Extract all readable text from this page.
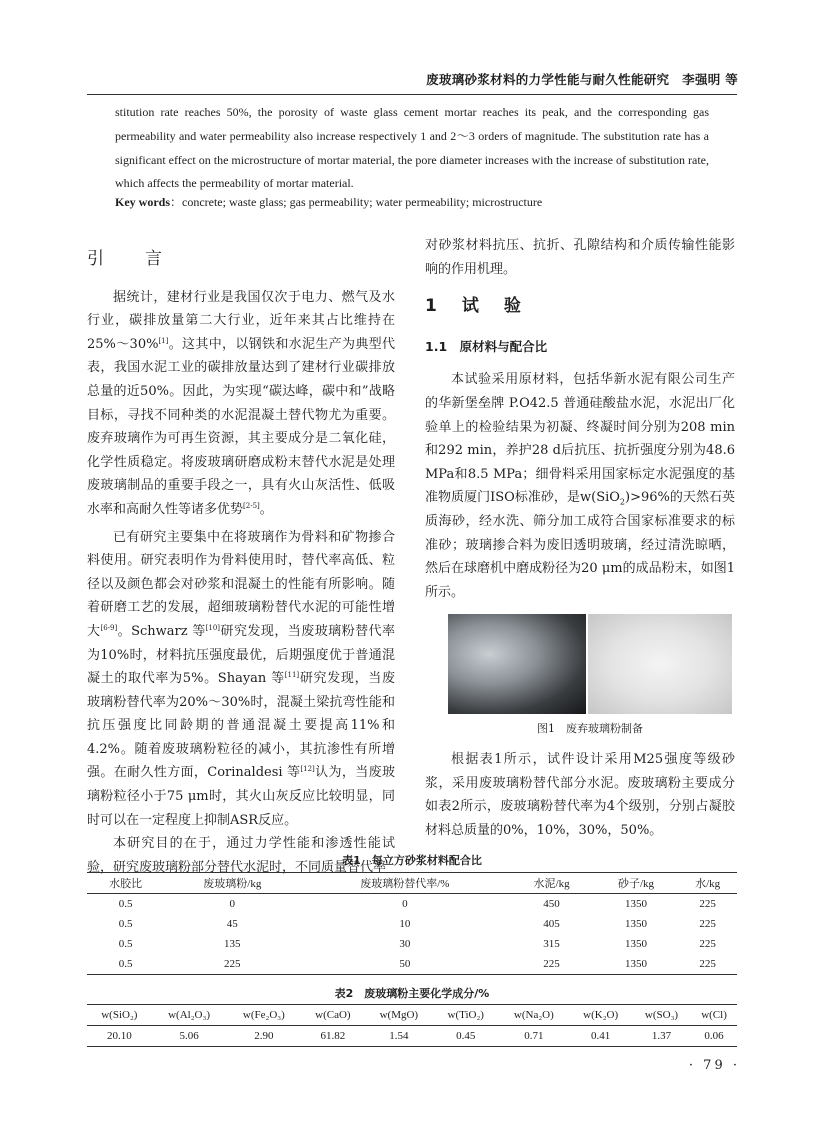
废玻璃砂浆材料的力学性能与耐久性能研究　李强明 等

stitution rate reaches 50%, the porosity of waste glass cement mortar reaches its peak, and the corresponding gas permeability and water permeability also increase respectively 1 and 2～3 orders of magnitude. The substitution rate has a significant effect on the microstructure of mortar material, the pore diameter increases with the increase of substitution rate, which affects the permeability of mortar material.

Key words：concrete; waste glass; gas permeability; water permeability; microstructure

引　言

据统计，建材行业是我国仅次于电力、燃气及水行业，碳排放量第二大行业，近年来其占比维持在25%～30%[1]。这其中，以钢铁和水泥生产为典型代表，我国水泥工业的碳排放量达到了建材行业碳排放总量的近50%。因此，为实现“碳达峰，碳中和”战略目标，寻找不同种类的水泥混凝土替代物尤为重要。废弃玻璃作为可再生资源，其主要成分是二氧化硅，化学性质稳定。将废玻璃研磨成粉末替代水泥是处理废玻璃制品的重要手段之一，具有火山灰活性、低吸水率和高耐久性等诸多优势[2-5]。

已有研究主要集中在将玻璃作为骨料和矿物掺合料使用。研究表明作为骨料使用时，替代率高低、粒径以及颜色都会对砂浆和混凝土的性能有所影响。随着研磨工艺的发展，超细玻璃粉替代水泥的可能性增大[6-9]。Schwarz 等[10]研究发现，当废玻璃粉替代率为10%时，材料抗压强度最优，后期强度优于普通混凝土的取代率为5%。Shayan 等[11]研究发现，当废玻璃粉替代率为20%～30%时，混凝土梁抗弯性能和抗压强度比同龄期的普通混凝土要提高11%和4.2%。随着废玻璃粉粒径的减小，其抗渗性有所增强。在耐久性方面，Corinaldesi 等[12]认为，当废玻璃粉粒径小于75 μm时，其火山灰反应比较明显，同时可以在一定程度上抑制ASR反应。

本研究目的在于，通过力学性能和渗透性能试验，研究废玻璃粉部分替代水泥时，不同质量替代率

对砂浆材料抗压、抗折、孔隙结构和介质传输性能影响的作用机理。

1　试　验
1.1　原材料与配合比

本试验采用原材料，包括华新水泥有限公司生产的华新堡垒牌 P.O42.5 普通硅酸盐水泥，水泥出厂化验单上的检验结果为初凝、终凝时间分别为208 min和292 min，养护28 d后抗压、抗折强度分别为48.6 MPa和8.5 MPa；细骨料采用国家标定水泥强度的基准物质厦门ISO标准砂，是w(SiO$_2$)>96%的天然石英质海砂，经水洗、筛分加工成符合国家标准要求的标准砂；玻璃掺合料为废旧透明玻璃，经过清洗晾晒，然后在球磨机中磨成粉径为20 μm的成品粉末，如图1所示。

图1　废弃玻璃粉制备

根据表1所示，试件设计采用M25强度等级砂浆，采用废玻璃粉替代部分水泥。废玻璃粉主要成分如表2所示，废玻璃粉替代率为4个级别，分别占凝胶材料总质量的0%，10%，30%，50%。

表1　每立方砂浆材料配合比
水胶比	废玻璃粉/kg	废玻璃粉替代率/%	水泥/kg	砂子/kg	水/kg
0.5	0	0	450	1350	225
0.5	45	10	405	1350	225
0.5	135	30	315	1350	225
0.5	225	50	225	1350	225
表2　废玻璃粉主要化学成分/%
w(SiO₂)	w(Al₂O₃)	w(Fe₂O₃)	w(CaO)	w(MgO)	w(TiO₂)	w(Na₂O)	w(K₂O)	w(SO₃)	w(Cl)
20.10	5.06	2.90	61.82	1.54	0.45	0.71	0.41	1.37	0.06
· 79 ·
